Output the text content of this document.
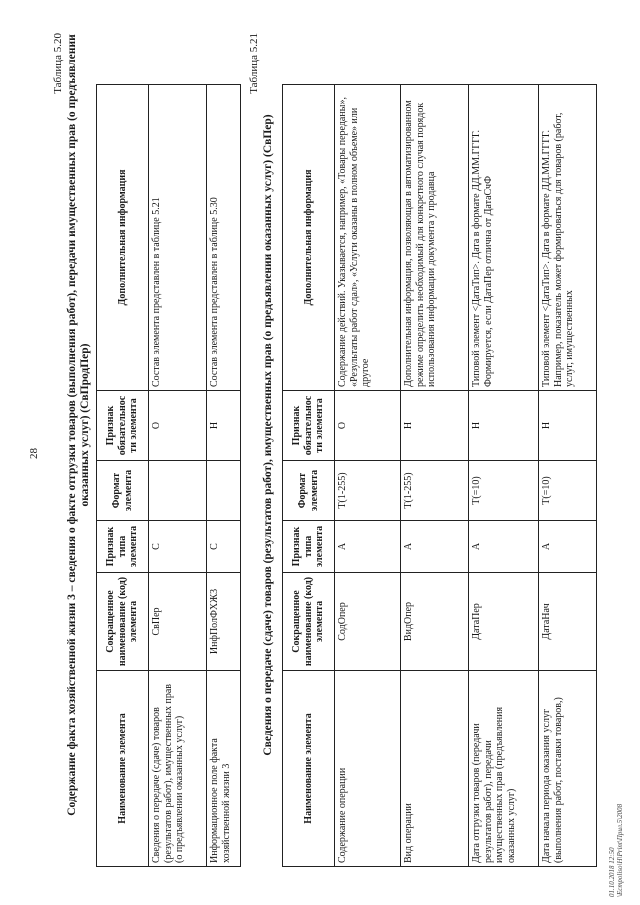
28
Таблица 5.20 Содержание факта хозяйственной жизни 3 – сведения о факте отгрузки товаров (выполнения работ), передачи имущественных прав (о предъявлении оказанных услуг) (СвПродПер)
Наименование элемента	Сокращенное наименование (код) элемента	Признак типа элемента	Формат элемента	Признак обязательности элемента	Дополнительная информация
Сведения о передаче (сдаче) товаров (результатов работ), имущественных прав (о предъявлении оказанных услуг)	СвПер	С		О	Состав элемента представлен в таблице 5.21
Информационное поле факта хозяйственной жизни 3	ИнфПолФХЖ3	С		Н	Состав элемента представлен в таблице 5.30
Таблица 5.21
Сведения о передаче (сдаче) товаров (результатов работ), имущественных прав (о предъявлении оказанных услуг) (СвПер)
Наименование элемента	Сокращенное наименование (код) элемента	Признак типа элемента	Формат элемента	Признак обязательности элемента	Дополнительная информация
Содержание операции	СодОпер	А	T(1-255)	О	Содержание действий. Указывается, например, «Товары переданы», «Результаты работ сдал», «Услуги оказаны в полном объеме» или другое
Вид операции	ВидОпер	А	T(1-255)	Н	Дополнительная информация, позволяющая в автоматизированном режиме определить необходимый для конкретного случая порядок использования информации документа у продавца
Дата отгрузки товаров (передачи результатов работ), передачи имущественных прав (предъявления оказанных услуг)	ДатаПер	А	T(=10)	Н	Типовой элемент <ДатаТип>. Дата в формате ДД.ММ.ГГГГ. Формируется, если ДатаПер отлична от ДатаСчФ
Дата начала периода оказания услуг (выполнения работ, поставки товаров,)	ДатаНач	А	T(=10)	Н	Типовой элемент <ДатаТип>. Дата в формате ДД.ММ.ГГГГ. Например, показатель может формироваться для товаров (работ, услуг, имущественных
01.10.2018 12:50 \Ecmpoliso\H\Print\Прил.5\2008
